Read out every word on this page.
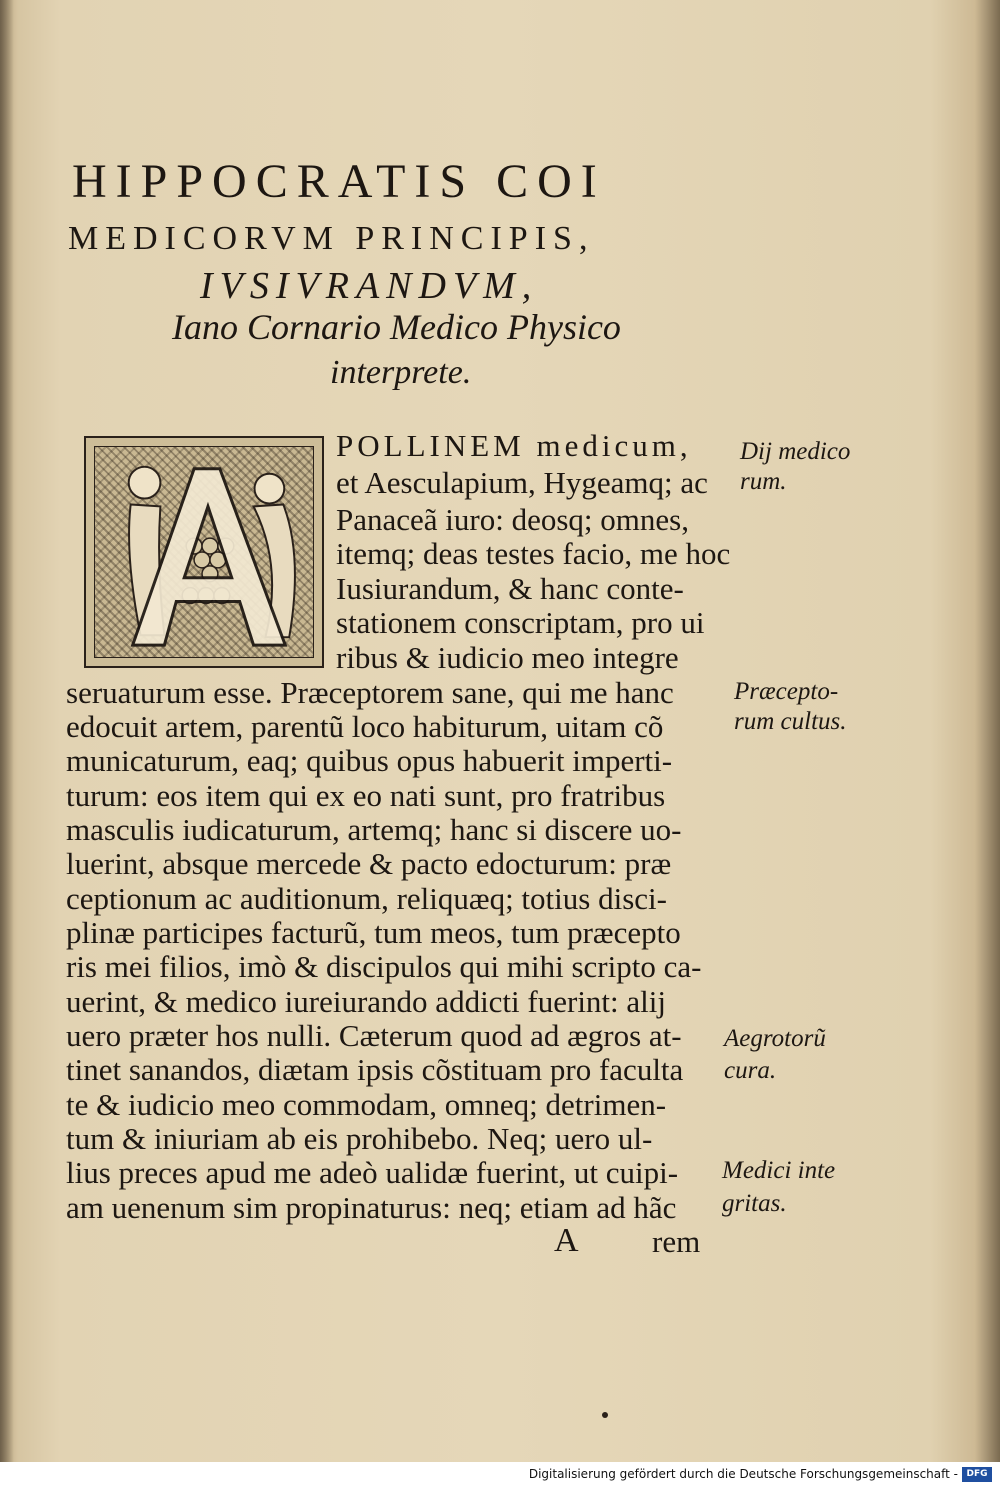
HIPPOCRATIS COI
MEDICORVM PRINCIPIS,
IVSIVRANDVM,
Iano Cornario Medico Physico
interprete.
POLLINEM medicum,
et Aesculapium, Hygeamq; ac
Panaceã iuro: deosq; omnes,
itemq; deas testes facio, me hoc
Iusiurandum, & hanc conte-
stationem conscriptam, pro ui
ribus & iudicio meo integre
seruaturum esse. Præceptorem sane, qui me hanc
edocuit artem, parentũ loco habiturum, uitam cõ
municaturum, eaq; quibus opus habuerit imperti-
turum: eos item qui ex eo nati sunt, pro fratribus
masculis iudicaturum, artemq; hanc si discere uo-
luerint, absque mercede & pacto edocturum: præ
ceptionum ac auditionum, reliquæq; totius disci-
plinæ participes facturũ, tum meos, tum præcepto
ris mei filios, imò & discipulos qui mihi scripto ca-
uerint, & medico iureiurando addicti fuerint: alij
uero præter hos nulli. Cæterum quod ad ægros at-
tinet sanandos, diætam ipsis cõstituam pro faculta
te & iudicio meo commodam, omneq; detrimen-
tum & iniuriam ab eis prohibebo. Neq; uero ul-
lius preces apud me adeò ualidæ fuerint, ut cuipi-
am uenenum sim propinaturus: neq; etiam ad hãc
A rem
Dij medico
rum.
Præcepto-
rum cultus.
Aegrotorũ
cura.
Medici inte
gritas.
Digitalisierung gefördert durch die Deutsche Forschungsgemeinschaft - DFG
